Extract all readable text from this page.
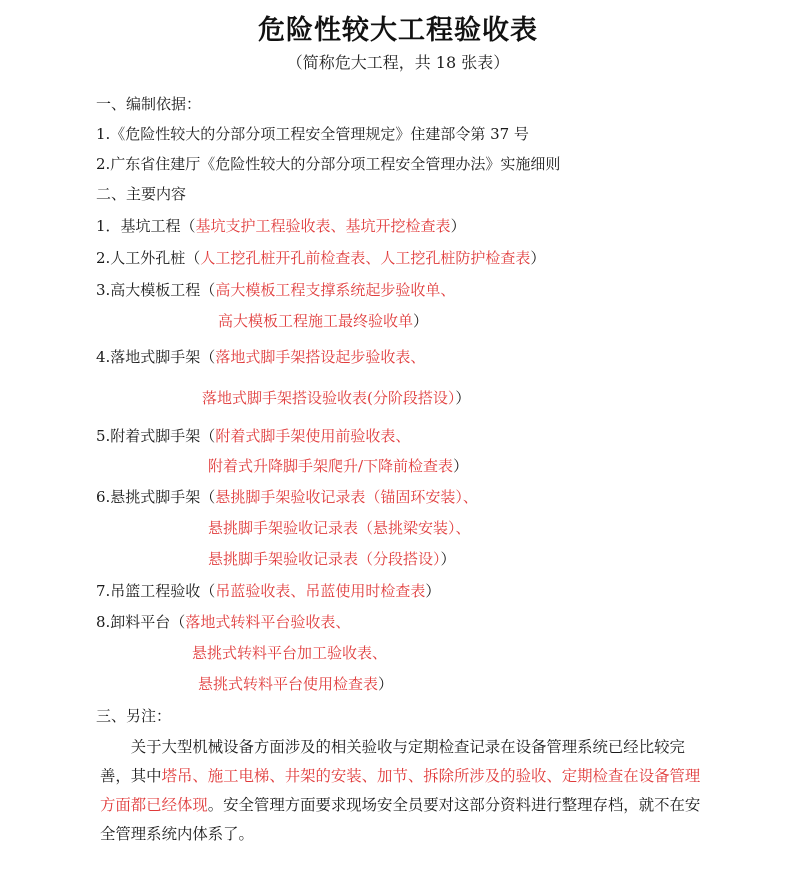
危险性较大工程验收表
（简称危大工程，共 18 张表）
一、编制依据：
1.《危险性较大的分部分项工程安全管理规定》住建部令第 37 号
2.广东省住建厅《危险性较大的分部分项工程安全管理办法》实施细则
二、主要内容
1．基坑工程（基坑支护工程验收表、基坑开挖检查表）
2.人工外孔桩（人工挖孔桩开孔前检查表、人工挖孔桩防护检查表）
3.高大模板工程（高大模板工程支撑系统起步验收单、
高大模板工程施工最终验收单）
4.落地式脚手架（落地式脚手架搭设起步验收表、
落地式脚手架搭设验收表(分阶段搭设））
5.附着式脚手架（附着式脚手架使用前验收表、
附着式升降脚手架爬升/下降前检查表）
6.悬挑式脚手架（悬挑脚手架验收记录表（锚固环安装）、
悬挑脚手架验收记录表（悬挑梁安装）、
悬挑脚手架验收记录表（分段搭设））
7.吊篮工程验收（吊蓝验收表、吊蓝使用时检查表）
8.卸料平台（落地式转料平台验收表、
悬挑式转料平台加工验收表、
悬挑式转料平台使用检查表）
三、另注：
关于大型机械设备方面涉及的相关验收与定期检查记录在设备管理系统已经比较完善，其中塔吊、施工电梯、井架的安装、加节、拆除所涉及的验收、定期检查在设备管理方面都已经体现。安全管理方面要求现场安全员要对这部分资料进行整理存档，就不在安全管理系统内体系了。
